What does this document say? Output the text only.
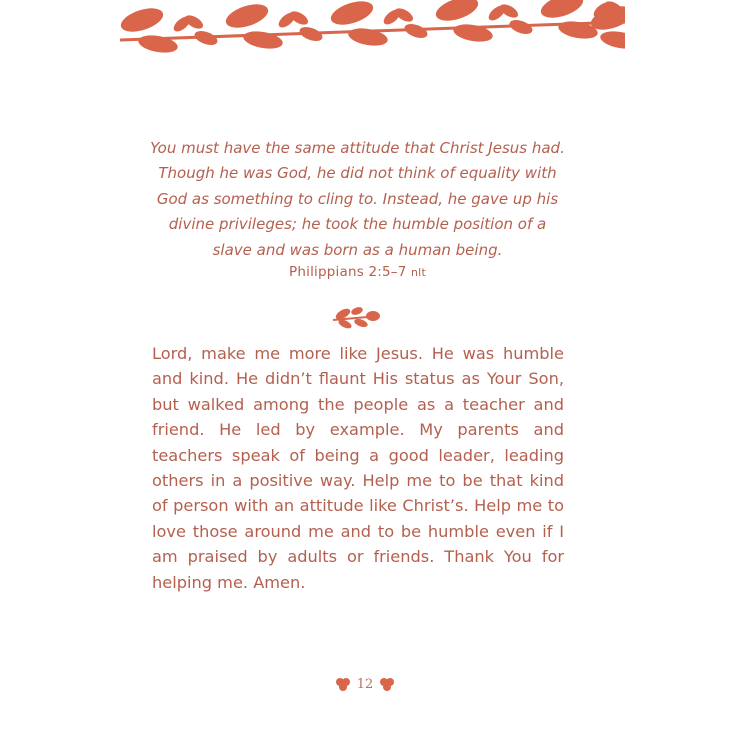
You must have the same attitude that Christ Jesus had. Though he was God, he did not think of equality with God as something to cling to. Instead, he gave up his divine privileges; he took the humble position of a slave and was born as a human being.

Philippians 2:5–7 nlt

Lord, make me more like Jesus. He was humble and kind. He didn’t flaunt His status as Your Son, but walked among the people as a teacher and friend. He led by example. My parents and teachers speak of being a good leader, leading others in a positive way. Help me to be that kind of person with an attitude like Christ’s. Help me to love those around me and to be humble even if I am praised by adults or friends. Thank You for helping me. Amen.

12
